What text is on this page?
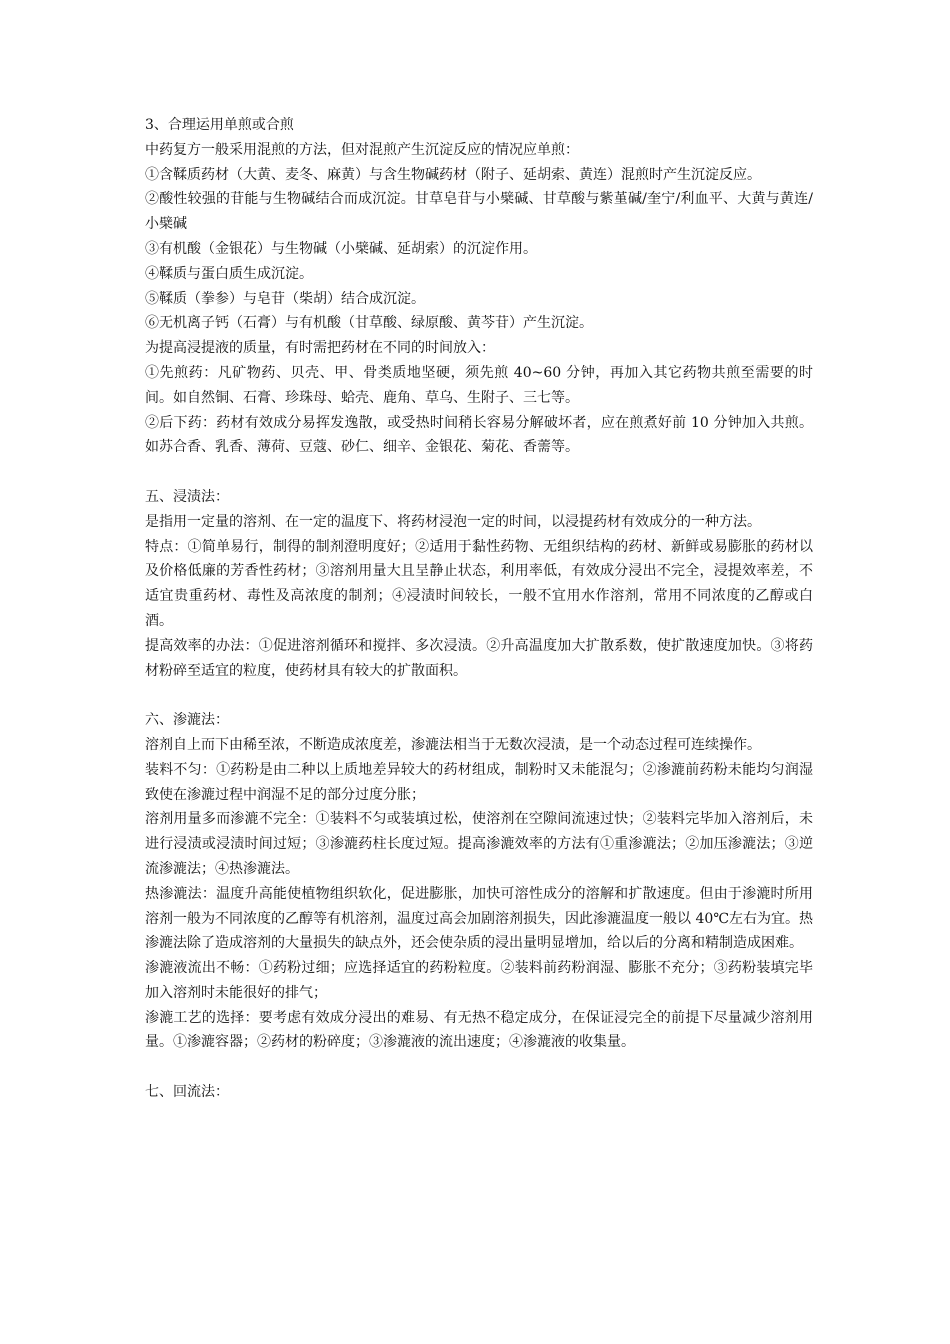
3、合理运用单煎或合煎

中药复方一般采用混煎的方法，但对混煎产生沉淀反应的情况应单煎：

①含鞣质药材（大黄、麦冬、麻黄）与含生物碱药材（附子、延胡索、黄连）混煎时产生沉淀反应。

②酸性较强的苷能与生物碱结合而成沉淀。甘草皂苷与小檗碱、甘草酸与紫堇碱/奎宁/利血平、大黄与黄连/小檗碱

③有机酸（金银花）与生物碱（小檗碱、延胡索）的沉淀作用。

④鞣质与蛋白质生成沉淀。

⑤鞣质（拳参）与皂苷（柴胡）结合成沉淀。

⑥无机离子钙（石膏）与有机酸（甘草酸、绿原酸、黄芩苷）产生沉淀。

为提高浸提液的质量，有时需把药材在不同的时间放入：

①先煎药：凡矿物药、贝壳、甲、骨类质地坚硬，须先煎 40~60 分钟，再加入其它药物共煎至需要的时间。如自然铜、石膏、珍珠母、蛤壳、鹿角、草乌、生附子、三七等。

②后下药：药材有效成分易挥发逸散，或受热时间稍长容易分解破坏者，应在煎煮好前 10 分钟加入共煎。如苏合香、乳香、薄荷、豆蔻、砂仁、细辛、金银花、菊花、香薷等。

五、浸渍法：

是指用一定量的溶剂、在一定的温度下、将药材浸泡一定的时间，以浸提药材有效成分的一种方法。

特点：①简单易行，制得的制剂澄明度好；②适用于黏性药物、无组织结构的药材、新鲜或易膨胀的药材以及价格低廉的芳香性药材；③溶剂用量大且呈静止状态，利用率低，有效成分浸出不完全，浸提效率差，不适宜贵重药材、毒性及高浓度的制剂；④浸渍时间较长，一般不宜用水作溶剂，常用不同浓度的乙醇或白酒。

提高效率的办法：①促进溶剂循环和搅拌、多次浸渍。②升高温度加大扩散系数，使扩散速度加快。③将药材粉碎至适宜的粒度，使药材具有较大的扩散面积。

六、渗漉法：

溶剂自上而下由稀至浓，不断造成浓度差，渗漉法相当于无数次浸渍，是一个动态过程可连续操作。

装料不匀：①药粉是由二种以上质地差异较大的药材组成，制粉时又未能混匀；②渗漉前药粉未能均匀润湿致使在渗漉过程中润湿不足的部分过度分胀；

溶剂用量多而渗漉不完全：①装料不匀或装填过松，使溶剂在空隙间流速过快；②装料完毕加入溶剂后，未进行浸渍或浸渍时间过短；③渗漉药柱长度过短。提高渗漉效率的方法有①重渗漉法；②加压渗漉法；③逆流渗漉法；④热渗漉法。

热渗漉法：温度升高能使植物组织软化，促进膨胀，加快可溶性成分的溶解和扩散速度。但由于渗漉时所用溶剂一般为不同浓度的乙醇等有机溶剂，温度过高会加剧溶剂损失，因此渗漉温度一般以 40℃左右为宜。热渗漉法除了造成溶剂的大量损失的缺点外，还会使杂质的浸出量明显增加，给以后的分离和精制造成困难。

渗漉液流出不畅：①药粉过细；应选择适宜的药粉粒度。②装料前药粉润湿、膨胀不充分；③药粉装填完毕加入溶剂时未能很好的排气；

渗漉工艺的选择：要考虑有效成分浸出的难易、有无热不稳定成分，在保证浸完全的前提下尽量减少溶剂用量。①渗漉容器；②药材的粉碎度；③渗漉液的流出速度；④渗漉液的收集量。

七、回流法：
